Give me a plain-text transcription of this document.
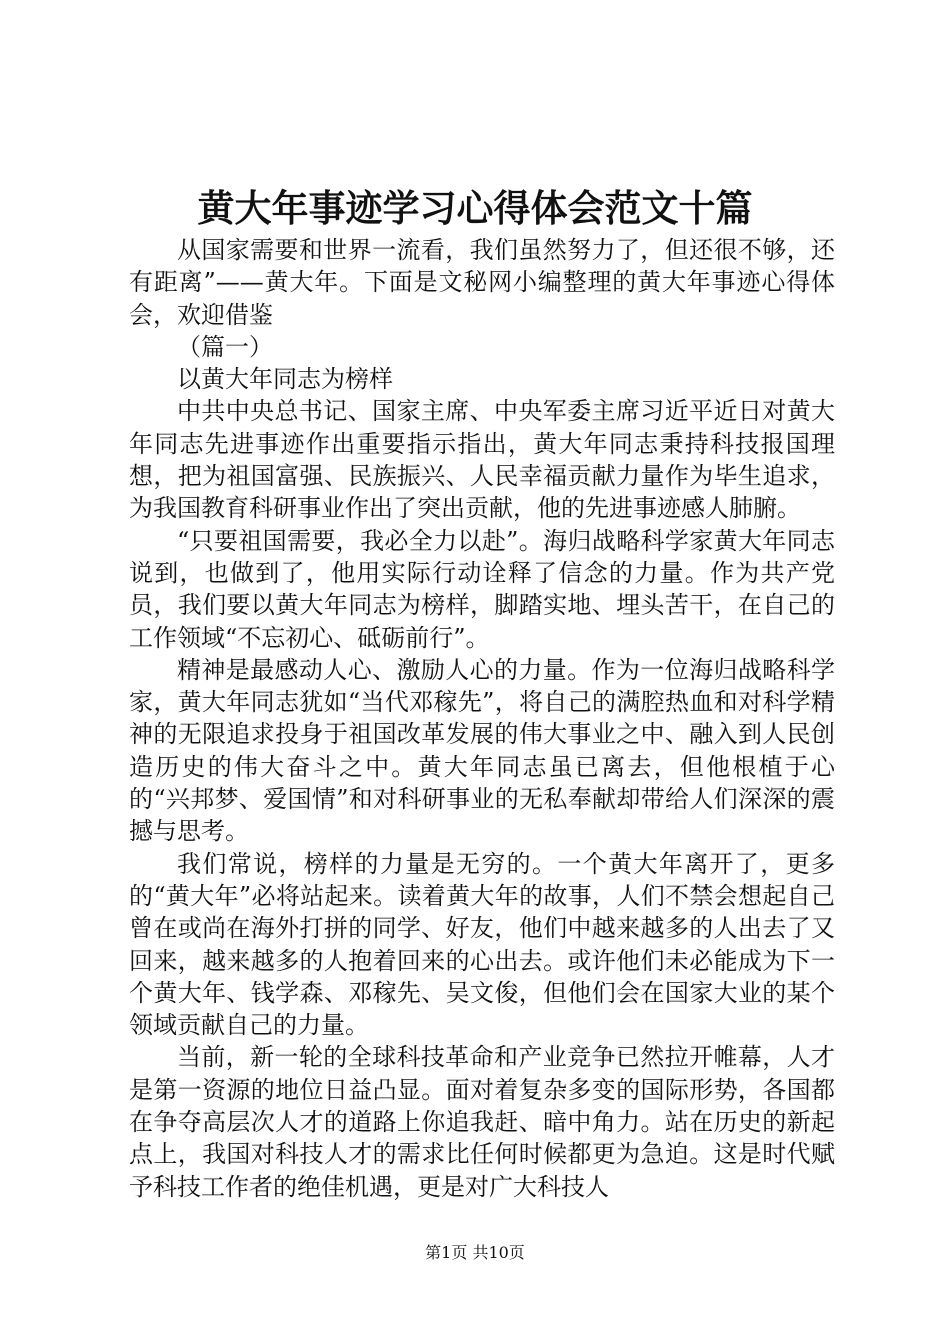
黄大年事迹学习心得体会范文十篇

从国家需要和世界一流看，我们虽然努力了，但还很不够，还有距离”——黄大年。下面是文秘网小编整理的黄大年事迹心得体会，欢迎借鉴

（篇一）

以黄大年同志为榜样

中共中央总书记、国家主席、中央军委主席习近平近日对黄大年同志先进事迹作出重要指示指出，黄大年同志秉持科技报国理想，把为祖国富强、民族振兴、人民幸福贡献力量作为毕生追求，为我国教育科研事业作出了突出贡献，他的先进事迹感人肺腑。

“只要祖国需要，我必全力以赴”。海归战略科学家黄大年同志说到，也做到了，他用实际行动诠释了信念的力量。作为共产党员，我们要以黄大年同志为榜样，脚踏实地、埋头苦干，在自己的工作领域“不忘初心、砥砺前行”。

精神是最感动人心、激励人心的力量。作为一位海归战略科学家，黄大年同志犹如“当代邓稼先”，将自己的满腔热血和对科学精神的无限追求投身于祖国改革发展的伟大事业之中、融入到人民创造历史的伟大奋斗之中。黄大年同志虽已离去，但他根植于心的“兴邦梦、爱国情”和对科研事业的无私奉献却带给人们深深的震撼与思考。

我们常说，榜样的力量是无穷的。一个黄大年离开了，更多的“黄大年”必将站起来。读着黄大年的故事，人们不禁会想起自己曾在或尚在海外打拼的同学、好友，他们中越来越多的人出去了又回来，越来越多的人抱着回来的心出去。或许他们未必能成为下一个黄大年、钱学森、邓稼先、吴文俊，但他们会在国家大业的某个领域贡献自己的力量。

当前，新一轮的全球科技革命和产业竞争已然拉开帷幕，人才是第一资源的地位日益凸显。面对着复杂多变的国际形势，各国都在争夺高层次人才的道路上你追我赶、暗中角力。站在历史的新起点上，我国对科技人才的需求比任何时候都更为急迫。这是时代赋予科技工作者的绝佳机遇，更是对广大科技人

第1页 共10页
